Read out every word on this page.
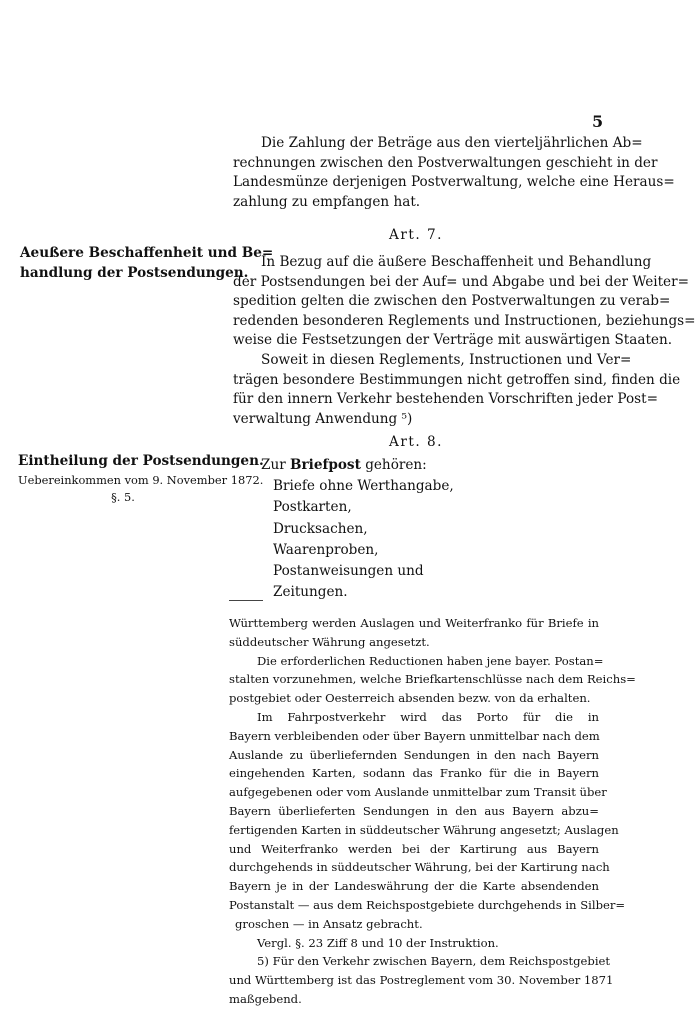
5
Die Zahlung der Beträge aus den vierteljährlichen Ab=
rechnungen zwischen den Postverwaltungen geschieht in der
Landesmünze derjenigen Postverwaltung, welche eine Heraus=
zahlung zu empfangen hat.
Art. 7.
Aeußere Beschaffenheit und Be=
handlung der Postsendungen.
In Bezug auf die äußere Beschaffenheit und Behandlung
der Postsendungen bei der Auf= und Abgabe und bei der Weiter=
spedition gelten die zwischen den Postverwaltungen zu verab=
redenden besonderen Reglements und Instructionen, beziehungs=
weise die Festsetzungen der Verträge mit auswärtigen Staaten.
Soweit in diesen Reglements, Instructionen und Ver=
trägen besondere Bestimmungen nicht getroffen sind, finden die
für den innern Verkehr bestehenden Vorschriften jeder Post=
verwaltung Anwendung ⁵)
Art. 8.
Eintheilung der Postsendungen.
Uebereinkommen vom 9. November 1872.
§. 5.
Zur Briefpost gehören:
Briefe ohne Werthangabe,
Postkarten,
Drucksachen,
Waarenproben,
Postanweisungen und
Zeitungen.
Württemberg werden Auslagen und Weiterfranko für Briefe in
süddeutscher Währung angesetzt.
Die erforderlichen Reductionen haben jene bayer. Postan=
stalten vorzunehmen, welche Briefkartenschlüsse nach dem Reichs=
postgebiet oder Oesterreich absenden bezw. von da erhalten.
Im Fahrpostverkehr wird das Porto für die in
Bayern verbleibenden oder über Bayern unmittelbar nach dem
Auslande zu überliefernden Sendungen in den nach Bayern
eingehenden Karten, sodann das Franko für die in Bayern
aufgegebenen oder vom Auslande unmittelbar zum Transit über
Bayern überlieferten Sendungen in den aus Bayern abzu=
fertigenden Karten in süddeutscher Währung angesetzt; Auslagen
und Weiterfranko werden bei der Kartirung aus Bayern
durchgehends in süddeutscher Währung, bei der Kartirung nach
Bayern je in der Landeswährung der die Karte absendenden
Postanstalt — aus dem Reichspostgebiete durchgehends in Silber=
groschen — in Ansatz gebracht.
Vergl. §. 23 Ziff 8 und 10 der Instruktion.
5) Für den Verkehr zwischen Bayern, dem Reichspostgebiet
und Württemberg ist das Postreglement vom 30. November 1871
maßgebend.
